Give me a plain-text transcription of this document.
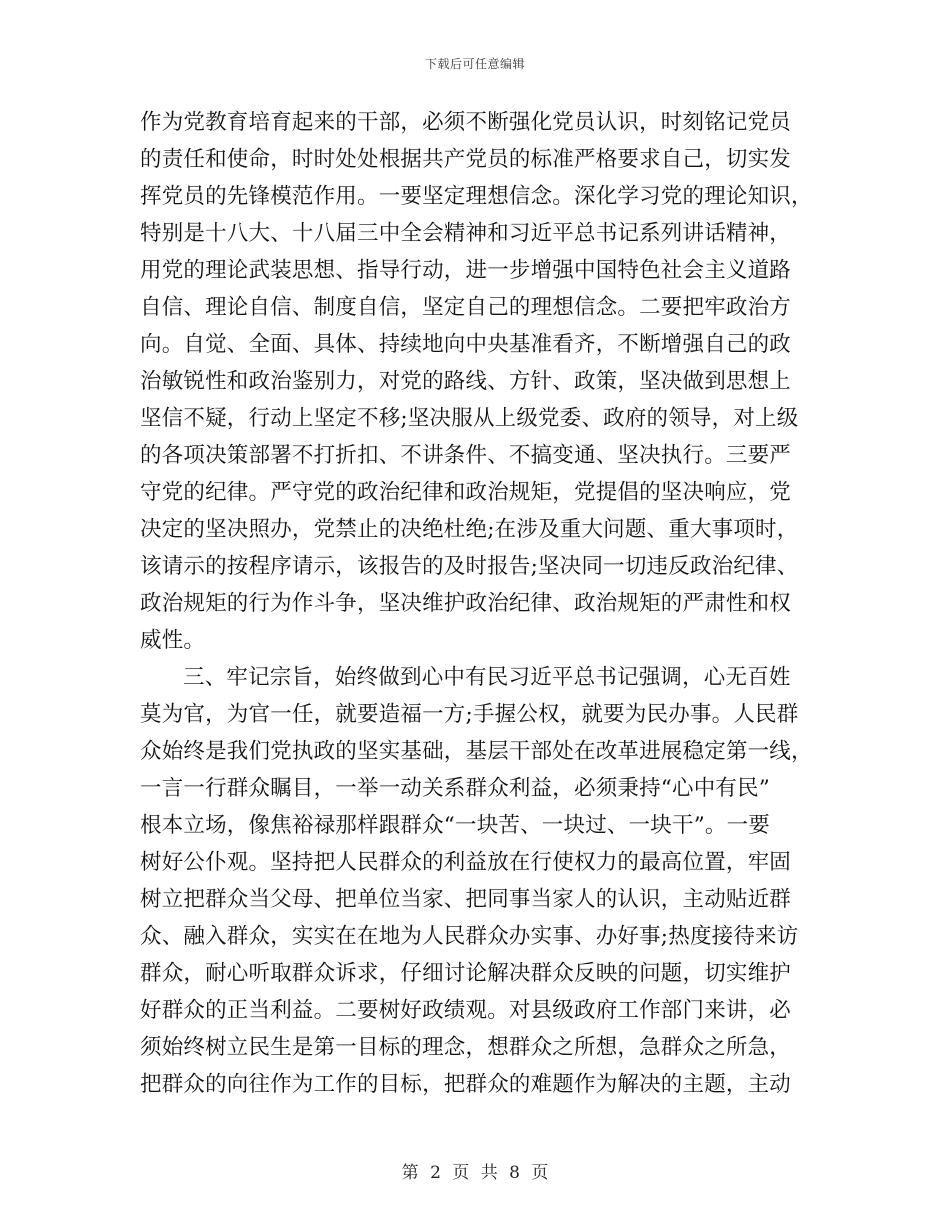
下载后可任意编辑
作为党教育培育起来的干部，必须不断强化党员认识，时刻铭记党员
的责任和使命，时时处处根据共产党员的标准严格要求自己，切实发
挥党员的先锋模范作用。一要坚定理想信念。深化学习党的理论知识，
特别是十八大、十八届三中全会精神和习近平总书记系列讲话精神，
用党的理论武装思想、指导行动，进一步增强中国特色社会主义道路
自信、理论自信、制度自信，坚定自己的理想信念。二要把牢政治方
向。自觉、全面、具体、持续地向中央基准看齐，不断增强自己的政
治敏锐性和政治鉴别力，对党的路线、方针、政策，坚决做到思想上
坚信不疑，行动上坚定不移;坚决服从上级党委、政府的领导，对上级
的各项决策部署不打折扣、不讲条件、不搞变通、坚决执行。三要严
守党的纪律。严守党的政治纪律和政治规矩，党提倡的坚决响应，党
决定的坚决照办，党禁止的决绝杜绝;在涉及重大问题、重大事项时，
该请示的按程序请示，该报告的及时报告;坚决同一切违反政治纪律、
政治规矩的行为作斗争，坚决维护政治纪律、政治规矩的严肃性和权
威性。
三、牢记宗旨，始终做到心中有民习近平总书记强调，心无百姓
莫为官，为官一任，就要造福一方;手握公权，就要为民办事。人民群
众始终是我们党执政的坚实基础，基层干部处在改革进展稳定第一线，
一言一行群众瞩目，一举一动关系群众利益，必须秉持“心中有民”
根本立场，像焦裕禄那样跟群众“一块苦、一块过、一块干”。一要
树好公仆观。坚持把人民群众的利益放在行使权力的最高位置，牢固
树立把群众当父母、把单位当家、把同事当家人的认识，主动贴近群
众、融入群众，实实在在地为人民群众办实事、办好事;热度接待来访
群众，耐心听取群众诉求，仔细讨论解决群众反映的问题，切实维护
好群众的正当利益。二要树好政绩观。对县级政府工作部门来讲，必
须始终树立民生是第一目标的理念，想群众之所想，急群众之所急，
把群众的向往作为工作的目标，把群众的难题作为解决的主题，主动
第 2 页 共 8 页
